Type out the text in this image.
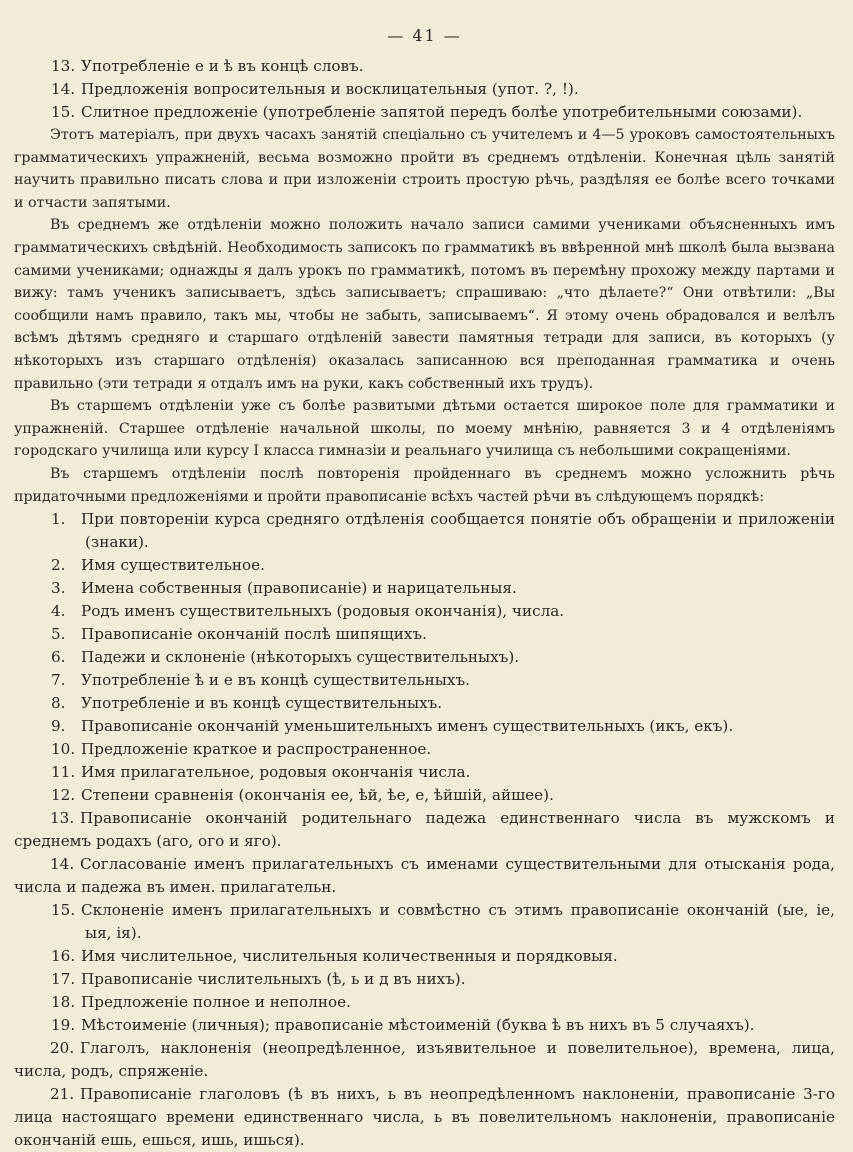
— 41 —
13. Употребленіе е и ѣ въ концѣ словъ.
14. Предложенія вопросительныя и восклицательныя (упот. ?, !).
15. Слитное предложеніе (употребленіе запятой передъ болѣе употребительными союзами).

Этотъ матеріалъ, при двухъ часахъ занятій спеціально съ учителемъ и 4—5 уроковъ самостоятельныхъ грамматическихъ упражненій, весьма возможно пройти въ среднемъ отдѣленіи. Конечная цѣль занятій научить правильно писать слова и при изложеніи строить простую рѣчь, раздѣляя ее болѣе всего точками и отчасти запятыми.

Въ среднемъ же отдѣленіи можно положить начало записи самими учениками объясненныхъ имъ грамматическихъ свѣдѣній. Необходимость записокъ по грамматикѣ въ ввѣренной мнѣ школѣ была вызвана самими учениками; однажды я далъ урокъ по грамматикѣ, потомъ въ перемѣну прохожу между партами и вижу: тамъ ученикъ записываетъ, здѣсь записываетъ; спрашиваю: „что дѣлаете?“ Они отвѣтили: „Вы сообщили намъ правило, такъ мы, чтобы не забыть, записываемъ“. Я этому очень обрадовался и велѣлъ всѣмъ дѣтямъ средняго и старшаго отдѣленій завести памятныя тетради для записи, въ которыхъ (у нѣкоторыхъ изъ старшаго отдѣленія) оказалась записанною вся преподанная грамматика и очень правильно (эти тетради я отдалъ имъ на руки, какъ собственный ихъ трудъ).

Въ старшемъ отдѣленіи уже съ болѣе развитыми дѣтьми остается широкое поле для грамматики и упражненій. Старшее отдѣленіе начальной школы, по моему мнѣнію, равняется 3 и 4 отдѣленіямъ городскаго училища или курсу I класса гимназіи и реальнаго училища съ небольшими сокращеніями.

Въ старшемъ отдѣленіи послѣ повторенія пройденнаго въ среднемъ можно усложнить рѣчь придаточными предложеніями и пройти правописаніе всѣхъ частей рѣчи въ слѣдующемъ порядкѣ:

1. При повтореніи курса средняго отдѣленія сообщается понятіе объ обращеніи и приложеніи (знаки).
2. Имя существительное.
3. Имена собственныя (правописаніе) и нарицательныя.
4. Родъ именъ существительныхъ (родовыя окончанія), числа.
5. Правописаніе окончаній послѣ шипящихъ.
6. Падежи и склоненіе (нѣкоторыхъ существительныхъ).
7. Употребленіе ѣ и е въ концѣ существительныхъ.
8. Употребленіе и въ концѣ существительныхъ.
9. Правописаніе окончаній уменьшительныхъ именъ существительныхъ (икъ, екъ).
10. Предложеніе краткое и распространенное.
11. Имя прилагательное, родовыя окончанія числа.
12. Степени сравненія (окончанія ее, ѣй, ѣе, е, ѣйшій, айшее).
13. Правописаніе окончаній родительнаго падежа единственнаго числа въ мужскомъ и среднемъ родахъ (аго, ого и яго).
14. Согласованіе именъ прилагательныхъ съ именами существительными для отысканія рода, числа и падежа въ имен. прилагательн.
15. Склоненіе именъ прилагательныхъ и совмѣстно съ этимъ правописаніе окончаній (ые, іе, ыя, ія).
16. Имя числительное, числительныя количественныя и порядковыя.
17. Правописаніе числительныхъ (ѣ, ь и д въ нихъ).
18. Предложеніе полное и неполное.
19. Мѣстоименіе (личныя); правописаніе мѣстоименій (буква ѣ въ нихъ въ 5 случаяхъ).
20. Глаголъ, наклоненія (неопредѣленное, изъявительное и повелительное), времена, лица, числа, родъ, спряженіе.
21. Правописаніе глаголовъ (ѣ въ нихъ, ь въ неопредѣленномъ наклоненіи, правописаніе 3-го лица настоящаго времени единственнаго числа, ь въ повелительномъ наклоненіи, правописаніе окончаній ешь, ешься, ишь, ишься).
